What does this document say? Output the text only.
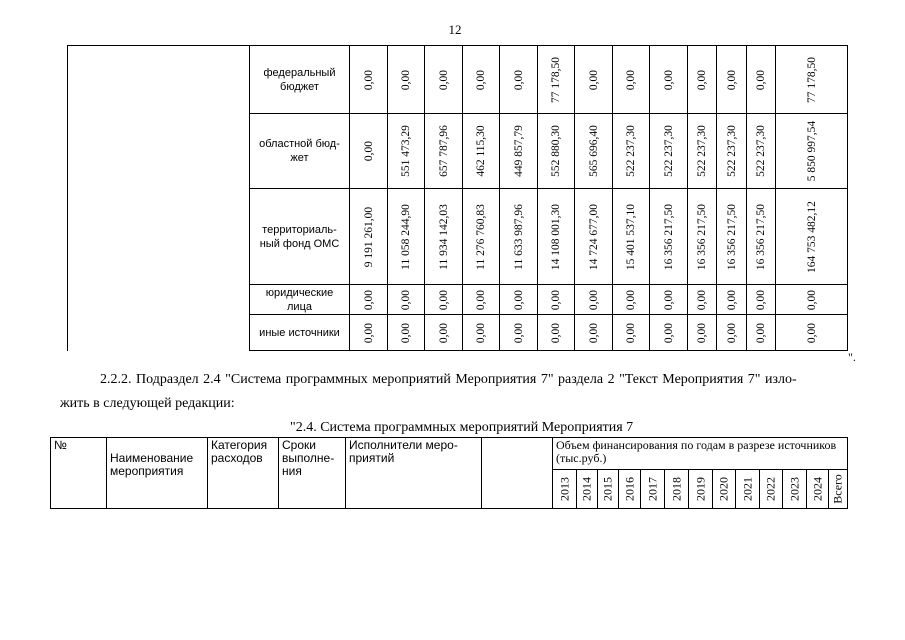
12
	федеральный бюджет	0,00	0,00	0,00	0,00	0,00	77 178,50	0,00	0,00	0,00	0,00	0,00	0,00	77 178,50

	областной бюд-жет	0,00	551 473,29	657 787,96	462 115,30	449 857,79	552 880,30	565 696,40	522 237,30	522 237,30	522 237,30	522 237,30	522 237,30	5 850 997,54

	территориаль-ный фонд ОМС	9 191 261,00	11 058 244,90	11 934 142,03	11 276 760,83	11 633 987,96	14 108 001,30	14 724 677,00	15 401 537,10	16 356 217,50	16 356 217,50	16 356 217,50	16 356 217,50	164 753 482,12

	юридические лица	0,00	0,00	0,00	0,00	0,00	0,00	0,00	0,00	0,00	0,00	0,00	0,00	0,00

	иные источники	0,00	0,00	0,00	0,00	0,00	0,00	0,00	0,00	0,00	0,00	0,00	0,00	0,00
".
2.2.2. Подраздел 2.4 "Система программных мероприятий Мероприятия 7" раздела 2 "Текст Мероприятия 7" изло-
жить в следующей редакции:
"2.4. Система программных мероприятий Мероприятия 7
№	Наименование мероприятия	Категория расходов	Сроки выполне-ния	Исполнители меро-приятий		Объем финансирования по годам в разрезе источников (тыс.руб.)												

						2013	2014	2015	2016	2017	2018	2019	2020	2021	2022	2023	2024	Всего
